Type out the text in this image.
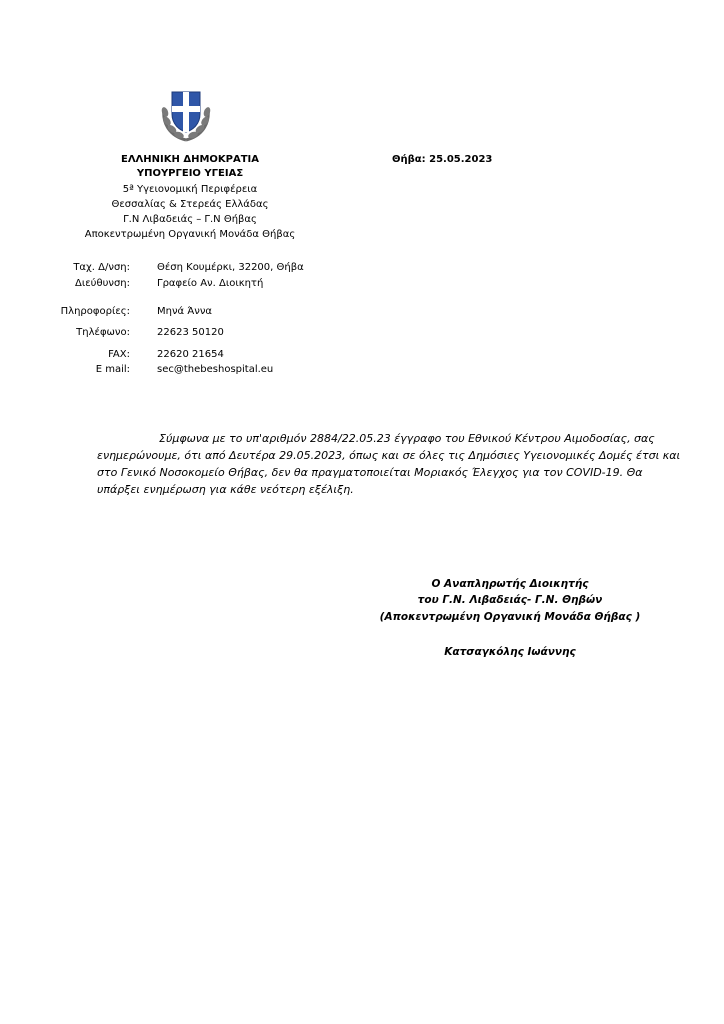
ΕΛΛΗΝΙΚΗ ΔΗΜΟΚΡΑΤΙΑ
ΥΠΟΥΡΓΕΙΟ ΥΓΕΙΑΣ
5ª Υγειονομική Περιφέρεια
Θεσσαλίας & Στερεάς Ελλάδας
Γ.Ν Λιβαδειάς – Γ.Ν Θήβας
Αποκεντρωμένη Οργανική Μονάδα Θήβας
Θήβα: 25.05.2023
Ταχ. Δ/νση:	Θέση Κουμέρκι, 32200, Θήβα
Διεύθυνση:	Γραφείο Αν. Διοικητή
Πληροφορίες:	Μηνά Άννα
Τηλέφωνο:	22623 50120
FAX:	22620 21654
E mail:	sec@thebeshospital.eu
Σύμφωνα με το υπ'αριθμόν 2884/22.05.23 έγγραφο του Εθνικού Κέντρου Αιμοδοσίας, σας
ενημερώνουμε, ότι από Δευτέρα 29.05.2023, όπως και σε όλες τις Δημόσιες Υγειονομικές Δομές έτσι και
στο Γενικό Νοσοκομείο Θήβας, δεν θα πραγματοποιείται Μοριακός Έλεγχος για τον COVID-19. Θα
υπάρξει ενημέρωση για κάθε νεότερη εξέλιξη.
Ο Αναπληρωτής Διοικητής
του Γ.Ν. Λιβαδειάς- Γ.Ν. Θηβών
(Αποκεντρωμένη Οργανική Μονάδα Θήβας )
Κατσαγκόλης Ιωάννης
